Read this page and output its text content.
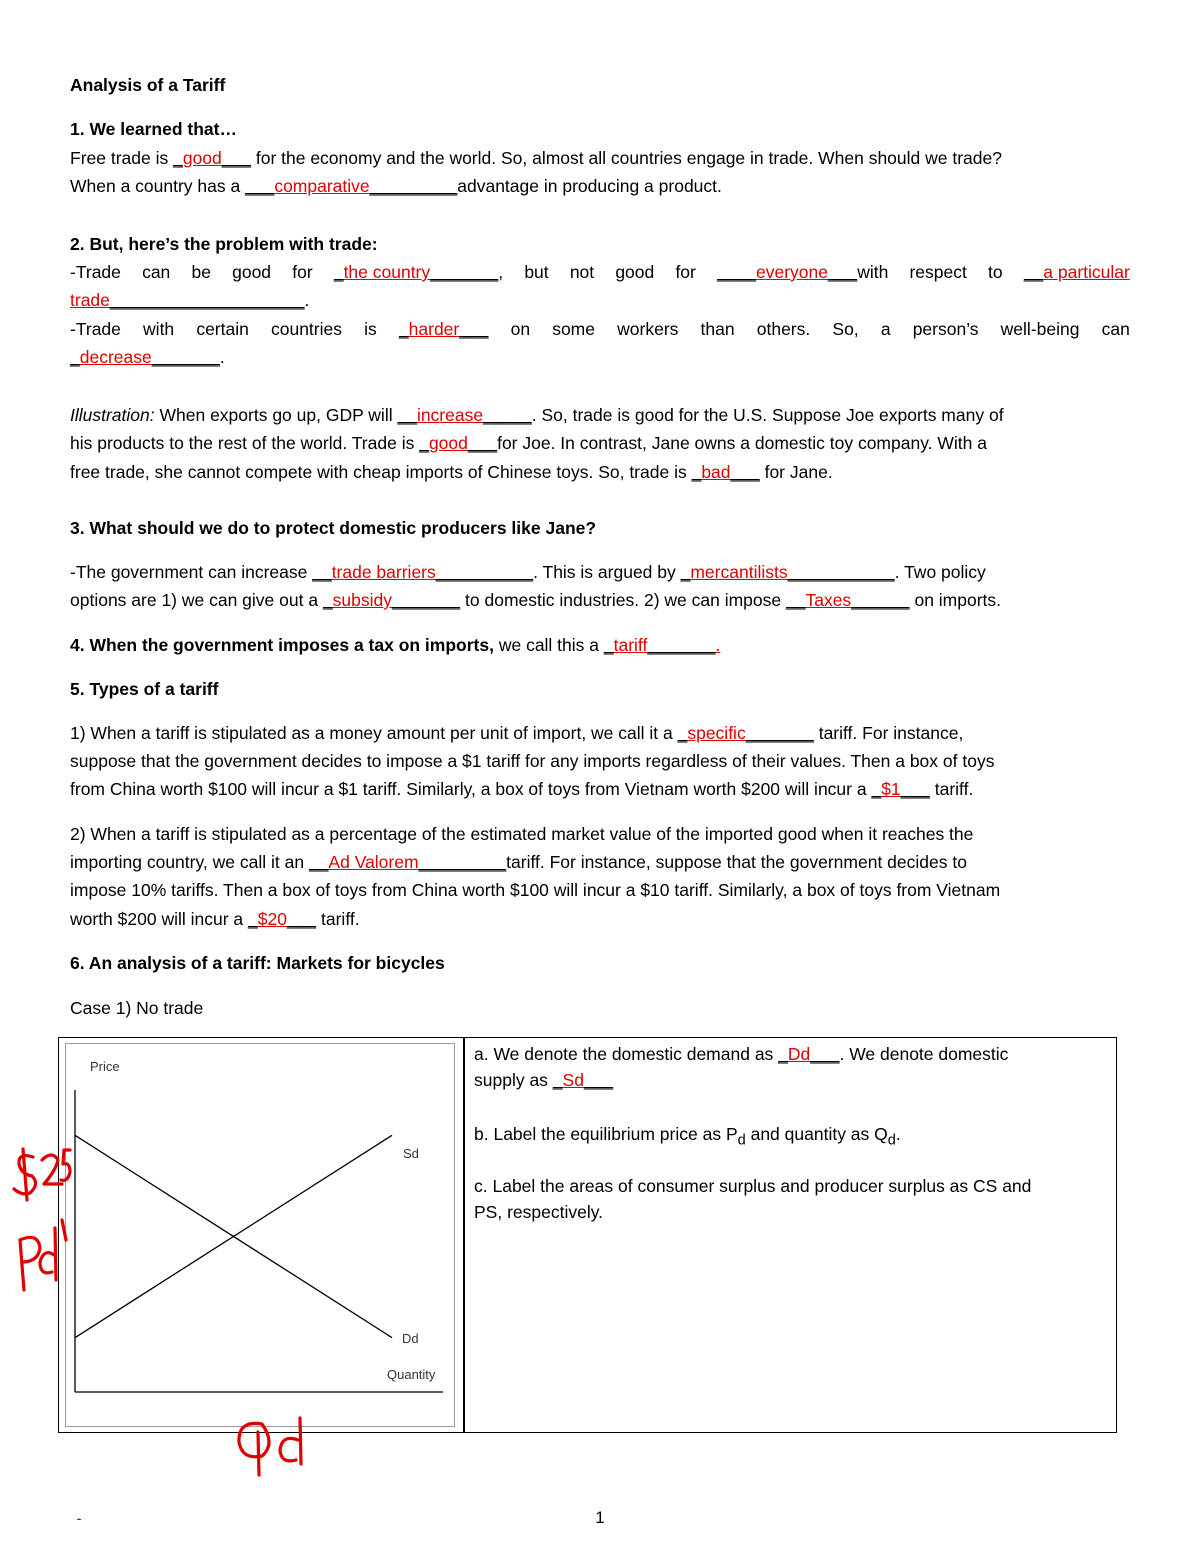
Analysis of a Tariff
1. We learned that…
Free trade is _good___ for the economy and the world. So, almost all countries engage in trade. When should we trade?
When a country has a ___comparative_________advantage in producing a product.
2. But, here’s the problem with trade:
-Trade can be good for _the country_______, but not good for ____everyone___with respect to __a particular
trade____________________.
-Trade with certain countries is _harder___ on some workers than others. So, a person’s well-being can
_decrease_______.
Illustration: When exports go up, GDP will __increase_____. So, trade is good for the U.S. Suppose Joe exports many of
his products to the rest of the world. Trade is _good___for Joe. In contrast, Jane owns a domestic toy company. With a
free trade, she cannot compete with cheap imports of Chinese toys. So, trade is _bad___ for Jane.
3. What should we do to protect domestic producers like Jane?
-The government can increase __trade barriers__________. This is argued by _mercantilists___________. Two policy
options are 1) we can give out a _subsidy_______ to domestic industries. 2) we can impose __Taxes______ on imports.
4. When the government imposes a tax on imports, we call this a _tariff_______.
5. Types of a tariff
1) When a tariff is stipulated as a money amount per unit of import, we call it a _specific_______ tariff. For instance,
suppose that the government decides to impose a $1 tariff for any imports regardless of their values. Then a box of toys
from China worth $100 will incur a $1 tariff. Similarly, a box of toys from Vietnam worth $200 will incur a _$1___ tariff.
2) When a tariff is stipulated as a percentage of the estimated market value of the imported good when it reaches the
importing country, we call it an __Ad Valorem_________tariff. For instance, suppose that the government decides to
impose 10% tariffs. Then a box of toys from China worth $100 will incur a $10 tariff. Similarly, a box of toys from Vietnam
worth $200 will incur a _$20___ tariff.
6. An analysis of a tariff: Markets for bicycles
Case 1) No trade
Price
Quantity
Sd
Dd
$25
Pd
Qd

a. We denote the domestic demand as _Dd___. We denote domestic

supply as _Sd___

b. Label the equilibrium price as $P_d$ and quantity as $Q_d$.

c. Label the areas of consumer surplus and producer surplus as CS and

PS, respectively.

1
